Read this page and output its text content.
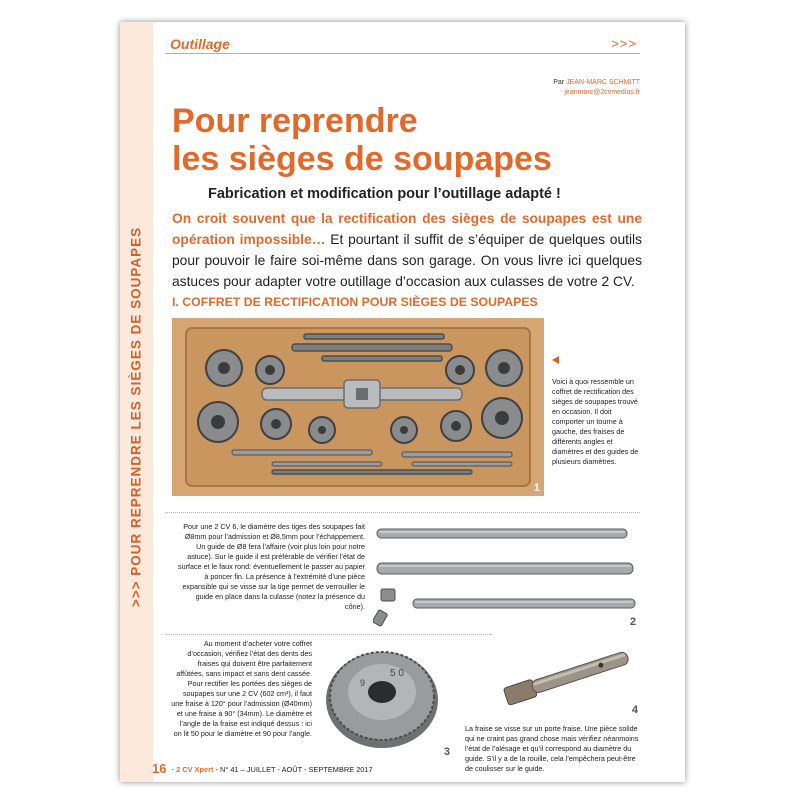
>>> POUR REPRENDRE LES SIÈGES DE SOUPAPES
Outillage	>>>
Par JEAN-MARC SCHMITT
jeanmarc@2cvmedias.fr
Pour reprendre
les sièges de soupapes
Fabrication et modification pour l’outillage adapté !

On croit souvent que la rectification des sièges de soupapes est une opération impossible… Et pourtant il suffit de s’équiper de quelques outils pour pouvoir le faire soi-même dans son garage. On vous livre ici quelques astuces pour adapter votre outillage d’occasion aux culasses de votre 2 CV.

I. COFFRET DE RECTIFICATION POUR SIÈGES DE SOUPAPES
1

Voici à quoi ressemble un coffret de rectification des sièges de soupapes trouvé en occasion. Il doit comporter un tourne à gauche, des fraises de différents angles et diamètres et des guides de plusieurs diamètres.

Pour une 2 CV 6, le diamètre des tiges des soupapes fait Ø8mm pour l’admission et Ø8,5mm pour l’échappement. Un guide de Ø8 fera l’affaire (voir plus loin pour notre astuce). Sur le guide il est préférable de vérifier l’état de surface et le faux rond: éventuellement le passer au papier à poncer fin. La présence à l’extrémité d’une pièce expansible qui se visse sur la tige permet de verrouiller le guide en place dans la culasse (notez la présence du cône).

2

Au moment d’acheter votre coffret d’occasion, vérifiez l’état des dents des fraises qui doivent être parfaitement affûtées, sans impact et sans dent cassée. Pour rectifier les portées des sièges de soupapes sur une 2 CV (602 cm³), il faut une fraise à 120° pour l’admission (Ø40mm) et une fraise à 90° (34mm). Le diamètre et l’angle de la fraise est indiqué dessus : ici on lit 50 pour le diamètre et 90 pour l’angle.

5 0
9
3
4

La fraise se visse sur un porte fraise. Une pièce solide qui ne craint pas grand chose mais vérifiez néanmoins l’état de l’alésage et qu’il correspond au diamètre du guide. S’il y a de la rouille, cela l’empêchera peut-être de coulisser sur le guide.

16 - 2 CV Xpert - N° 41 – JUILLET - AOÛT - SEPTEMBRE 2017
